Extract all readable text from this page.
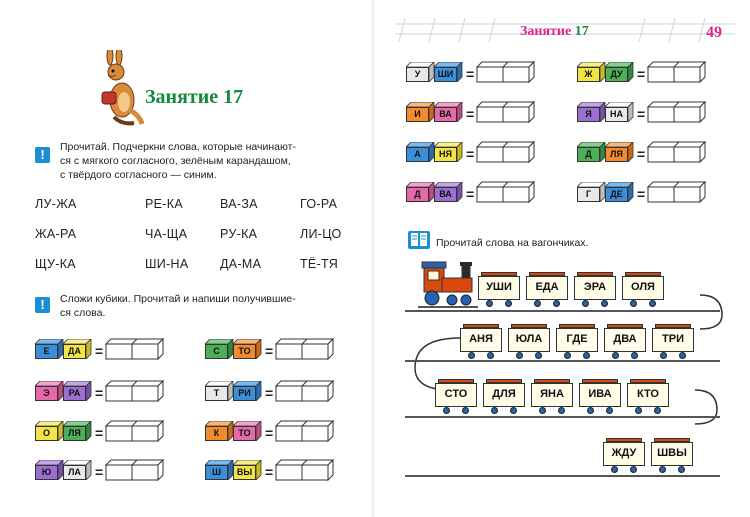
Занятие 17
!	Прочитай. Подчеркни слова, которые начинают-
ся с мягкого согласного, зелёным карандашом,
с твёрдого согласного — синим.
ЛУ-ЖА	РЕ-КА	ВА-ЗА	ГО-РА
ЖА-РА	ЧА-ЩА	РУ-КА	ЛИ-ЦО
ЩУ-КА	ШИ-НА	ДА-МА	ТЁ-ТЯ
!	Сложи кубики. Прочитай и напиши получившие-
ся слова.
Е	ДА	=	С	ТО	=
Э	РА	=	Т	РИ	=
О	ЛЯ	=	К	ТО	=
Ю	ЛА	=	Ш	ВЫ =
Занятие 17	49
У	ШИ =	Ж	ДУ	=
И	ВА	=	Я	НА	=
А	НЯ	=	Д	ЛЯ	=
Д	ВА	=	Г	ДЕ	=
Прочитай слова на вагончиках.
УШИ	ЕДА	ЭРА	ОЛЯ
АНЯ	ЮЛА	ГДЕ	ДВА	ТРИ
СТО	ДЛЯ	ЯНА	ИВА	КТО
ЖДУ	ШВЫ
